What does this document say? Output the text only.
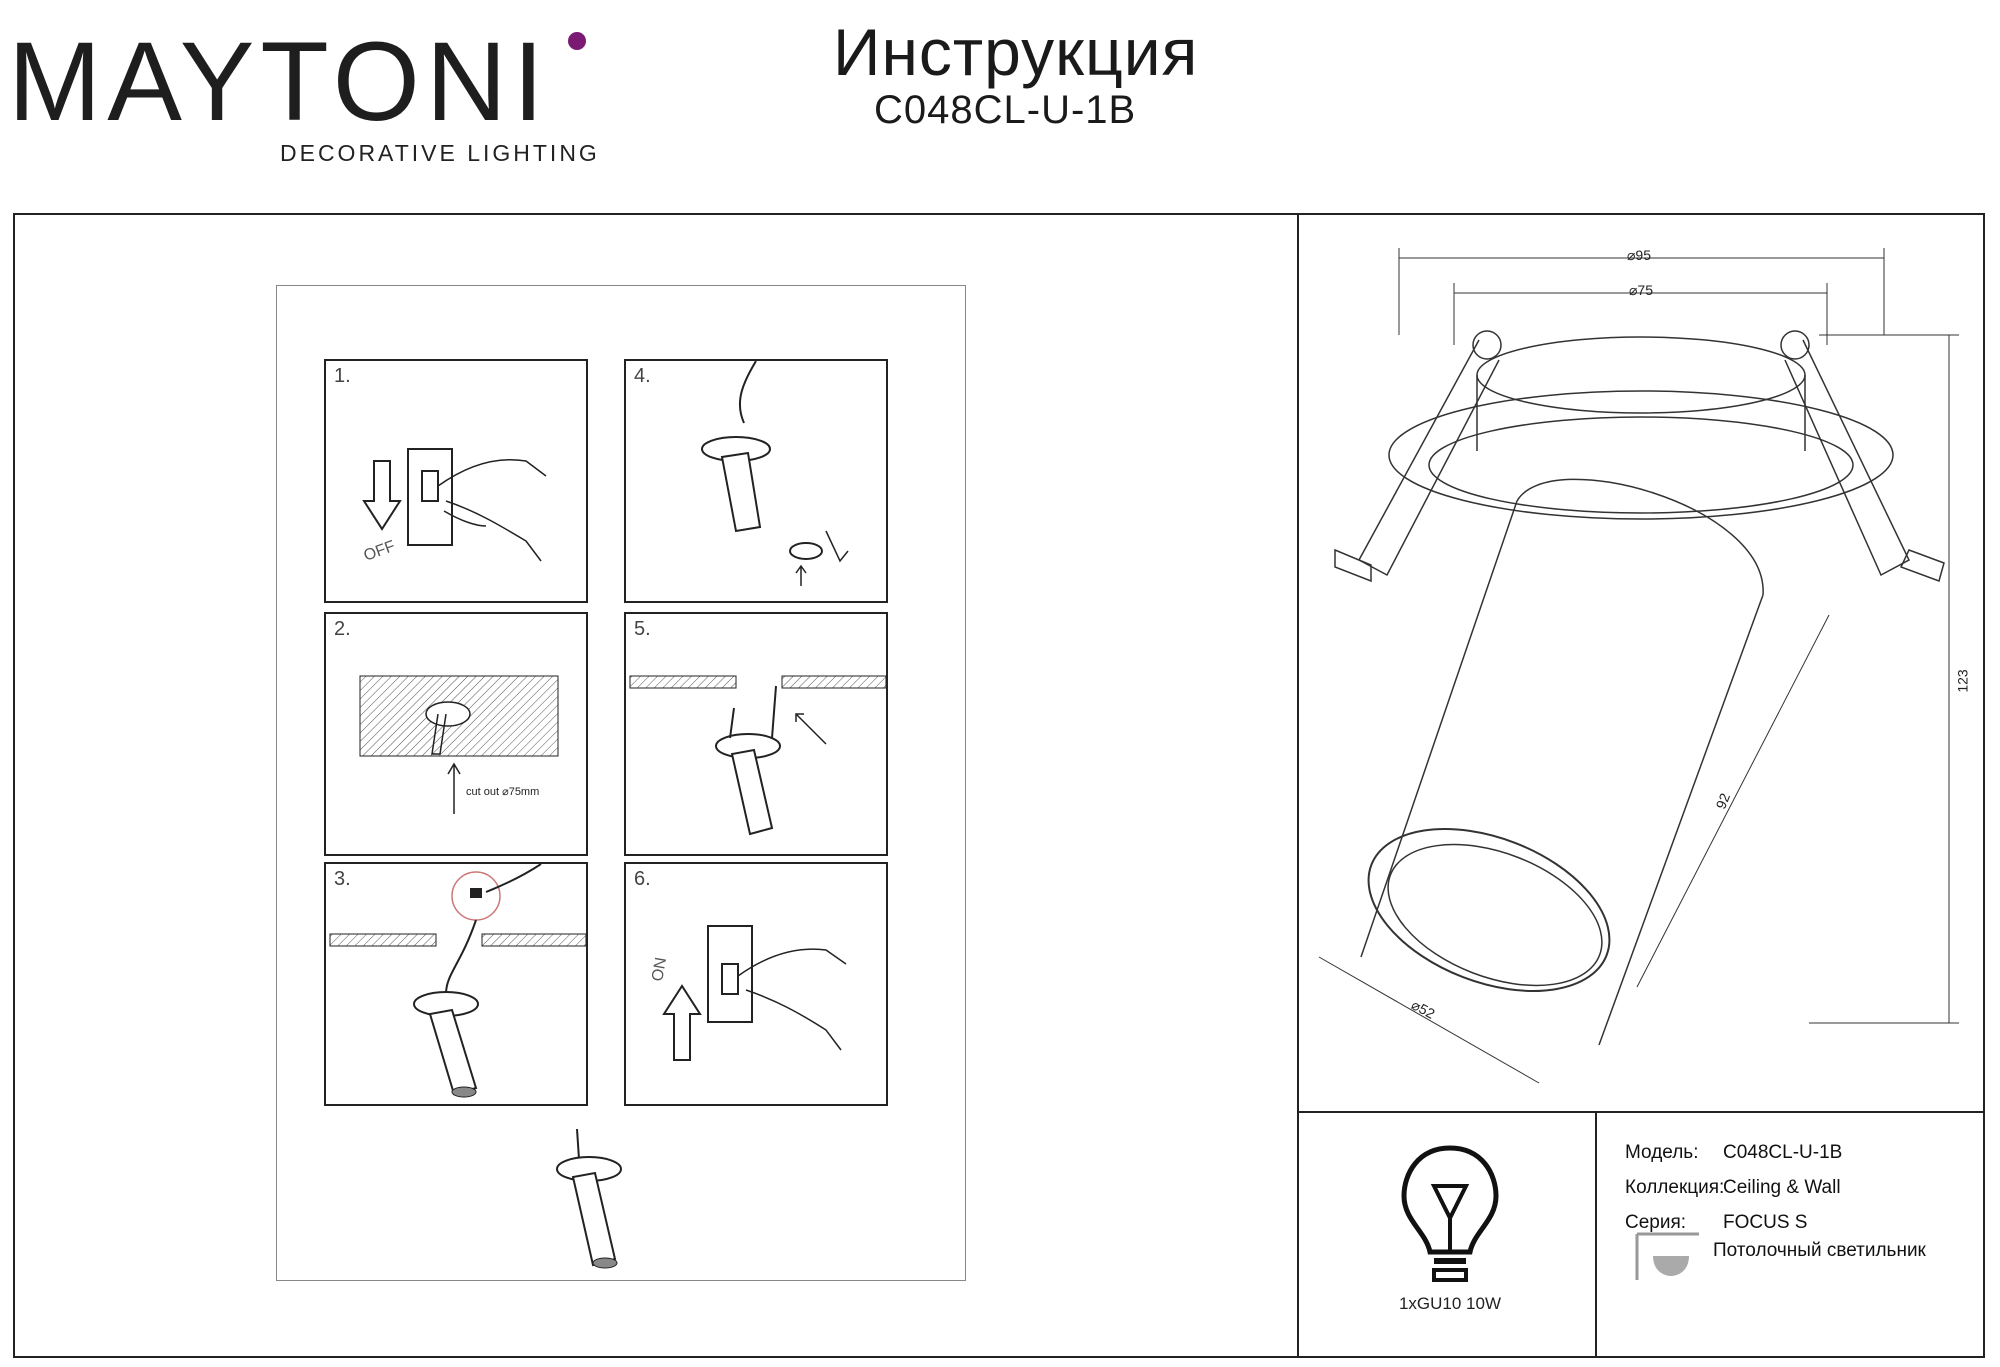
MAYTONI
DECORATIVE LIGHTING
Инструкция
C048CL-U-1B
1.
OFF
2.
cut out ⌀75mm
3.
4.
5.
6.
ON
⌀95
⌀75
123
92
⌀52
1xGU10 10W
Модель: C048CL-U-1B
Коллекция:Ceiling & Wall
Серия: FOCUS S
Потолочный светильник
